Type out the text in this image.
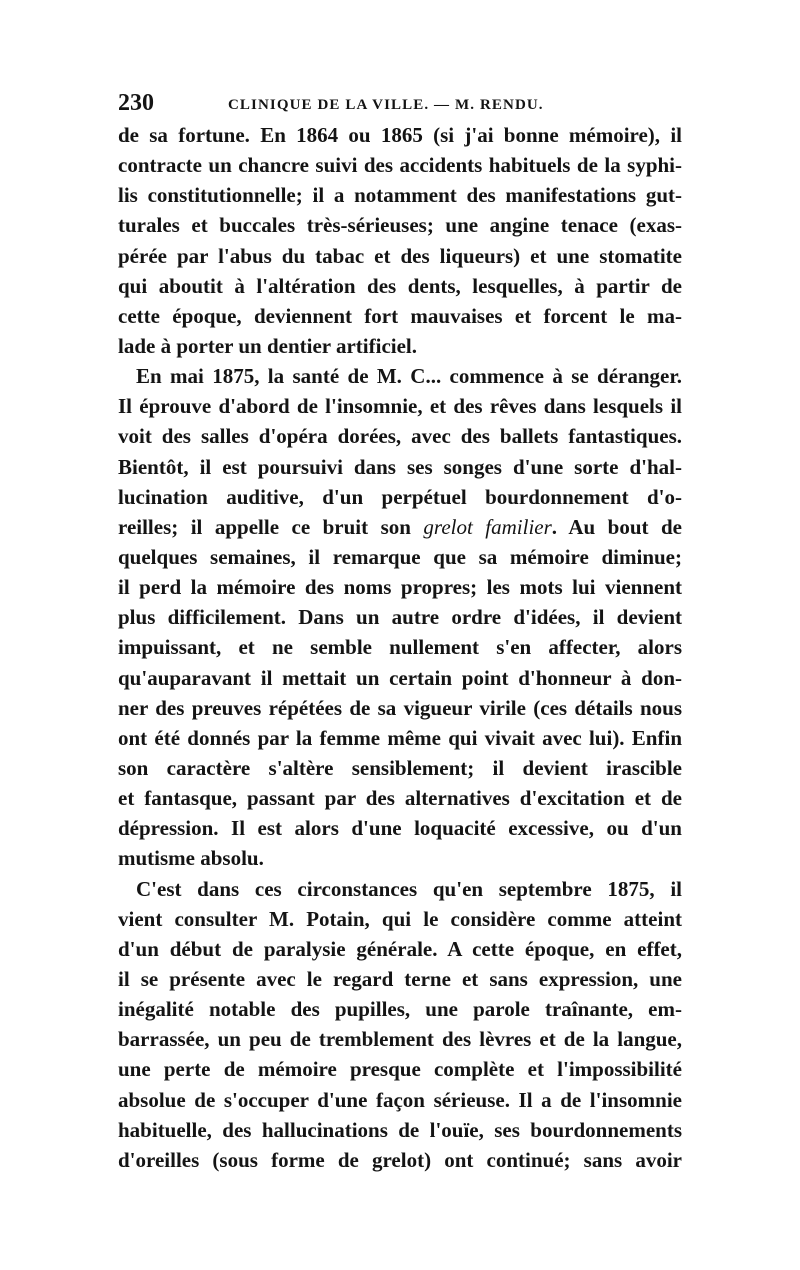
230	CLINIQUE DE LA VILLE. — M. RENDU.
de sa fortune. En 1864 ou 1865 (si j'ai bonne mémoire), il
contracte un chancre suivi des accidents habituels de la syphi-
lis constitutionnelle; il a notamment des manifestations gut-
turales et buccales très-sérieuses; une angine tenace (exas-
pérée par l'abus du tabac et des liqueurs) et une stomatite
qui aboutit à l'altération des dents, lesquelles, à partir de
cette époque, deviennent fort mauvaises et forcent le ma-
lade à porter un dentier artificiel.
En mai 1875, la santé de M. C... commence à se déranger.
Il éprouve d'abord de l'insomnie, et des rêves dans lesquels il
voit des salles d'opéra dorées, avec des ballets fantastiques.
Bientôt, il est poursuivi dans ses songes d'une sorte d'hal-
lucination auditive, d'un perpétuel bourdonnement d'o-
reilles; il appelle ce bruit son grelot familier. Au bout de
quelques semaines, il remarque que sa mémoire diminue;
il perd la mémoire des noms propres; les mots lui viennent
plus difficilement. Dans un autre ordre d'idées, il devient
impuissant, et ne semble nullement s'en affecter, alors
qu'auparavant il mettait un certain point d'honneur à don-
ner des preuves répétées de sa vigueur virile (ces détails nous
ont été donnés par la femme même qui vivait avec lui). Enfin
son caractère s'altère sensiblement; il devient irascible
et fantasque, passant par des alternatives d'excitation et de
dépression. Il est alors d'une loquacité excessive, ou d'un
mutisme absolu.
C'est dans ces circonstances qu'en septembre 1875, il
vient consulter M. Potain, qui le considère comme atteint
d'un début de paralysie générale. A cette époque, en effet,
il se présente avec le regard terne et sans expression, une
inégalité notable des pupilles, une parole traînante, em-
barrassée, un peu de tremblement des lèvres et de la langue,
une perte de mémoire presque complète et l'impossibilité
absolue de s'occuper d'une façon sérieuse. Il a de l'insomnie
habituelle, des hallucinations de l'ouïe, ses bourdonnements
d'oreilles (sous forme de grelot) ont continué; sans avoir
